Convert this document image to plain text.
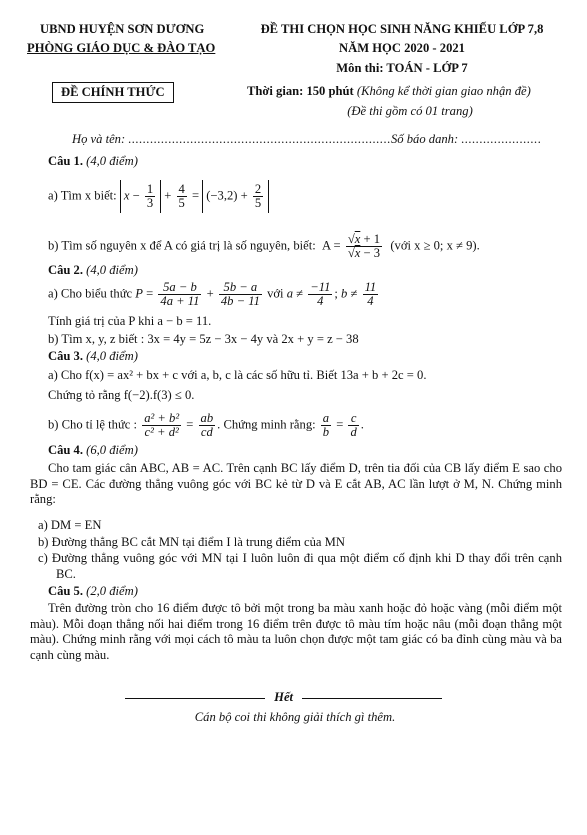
UBND HUYỆN SƠN DƯƠNG
PHÒNG GIÁO DỤC & ĐÀO TẠO
ĐỀ THI CHỌN HỌC SINH NĂNG KHIẾU LỚP 7,8
NĂM HỌC 2020 - 2021
Môn thi: TOÁN - LỚP 7
ĐỀ CHÍNH THỨC	Thời gian: 150 phút (Không kể thời gian giao nhận đề)
(Đề thi gồm có 01 trang)
Họ và tên: ........................................................................Số báo danh: ......................
Câu 1. (4,0 điểm)
a) Tìm x biết: $x - \frac{1}{3} + \frac{4}{5} = (-3,2) + \frac{2}{5}$
b) Tìm số nguyên x để A có giá trị là số nguyên, biết:  $A = \frac{√x + 1}{√x - 3}$ (với x ≥ 0; x ≠ 9).
Câu 2. (4,0 điểm)
a) Cho biểu thức $P = \frac{5a - b}{4a + 11} + \frac{5b - a}{4b - 11}$ với $a \ne \frac{-11}{4}$ ; $b \ne \frac{11}{4}$
Tính giá trị của P khi a − b = 11.
b) Tìm x, y, z biết : 3x = 4y = 5z − 3x − 4y và 2x + y = z − 38
Câu 3. (4,0 điểm)
a) Cho f(x) = ax² + bx + c với a, b, c là các số hữu tỉ. Biết 13a + b + 2c = 0.
Chứng tỏ rằng f(−2).f(3) ≤ 0.
b) Cho tỉ lệ thức : $\frac{\text{a² + b²}}{\text{c² + d²}} = \frac{ab}{cd}$ . Chứng minh rằng: $\frac{a}{b} = \frac{c}{d}$ .
Câu 4. (6,0 điểm)
Cho tam giác cân ABC, AB = AC. Trên cạnh BC lấy điểm D, trên tia đối của CB lấy điểm E sao cho BD = CE. Các đường thẳng vuông góc với BC kẻ từ D và E cắt AB, AC lần lượt ở M, N. Chứng minh rằng:
a) DM = EN
b) Đường thẳng BC cắt MN tại điểm I là trung điểm của MN
c) Đường thẳng vuông góc với MN tại I luôn luôn đi qua một điểm cố định khi D thay đổi trên cạnh BC.
Câu 5. (2,0 điểm)
Trên đường tròn cho 16 điểm được tô bởi một trong ba màu xanh hoặc đỏ hoặc vàng (mỗi điểm một màu). Mỗi đoạn thẳng nối hai điểm trong 16 điểm trên được tô màu tím hoặc nâu (mỗi đoạn thẳng một màu). Chứng minh rằng với mọi cách tô màu ta luôn chọn được một tam giác có ba đỉnh cùng màu và ba cạnh cùng màu.
Hết
Cán bộ coi thi không giải thích gì thêm.
